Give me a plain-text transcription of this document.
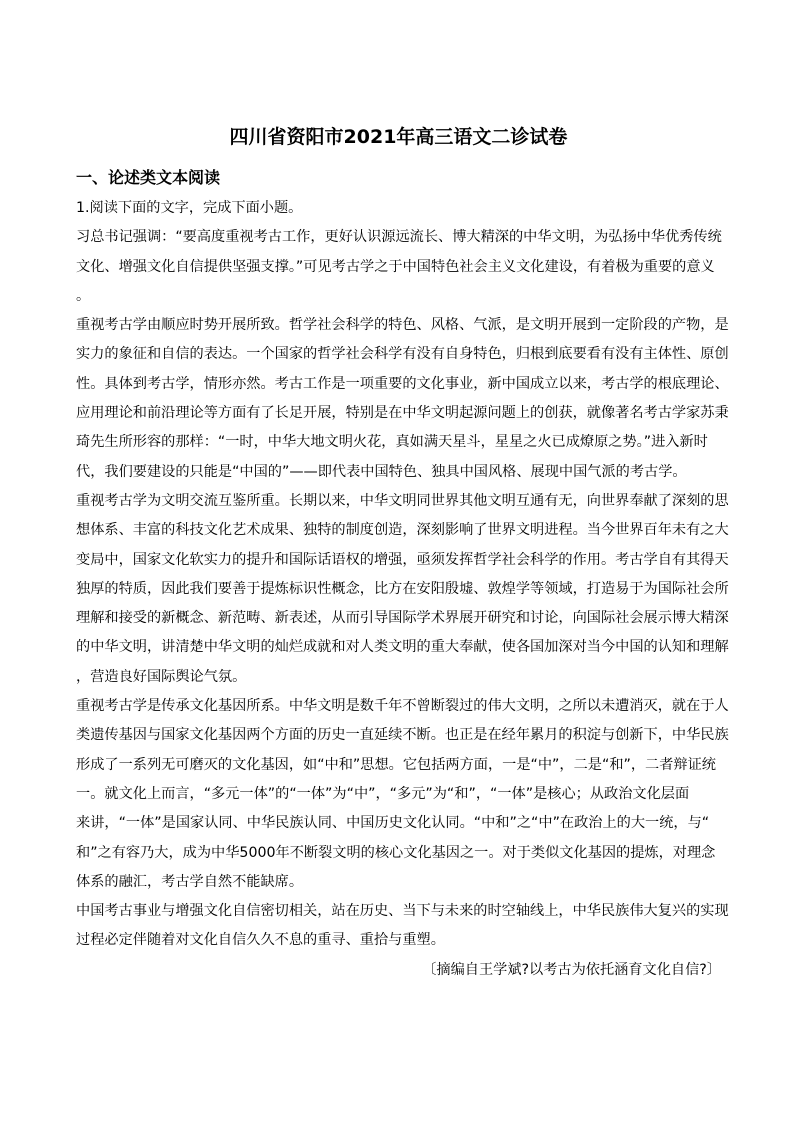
四川省资阳市2021年高三语文二诊试卷
一、论述类文本阅读
1.阅读下面的文字，完成下面小题。
习总书记强调：“要高度重视考古工作，更好认识源远流长、博大精深的中华文明，为弘扬中华优秀传统
文化、增强文化自信提供坚强支撑。”可见考古学之于中国特色社会主义文化建设，有着极为重要的意义
。
重视考古学由顺应时势开展所致。哲学社会科学的特色、风格、气派，是文明开展到一定阶段的产物，是
实力的象征和自信的表达。一个国家的哲学社会科学有没有自身特色，归根到底要看有没有主体性、原创
性。具体到考古学，情形亦然。考古工作是一项重要的文化事业，新中国成立以来，考古学的根底理论、
应用理论和前沿理论等方面有了长足开展，特别是在中华文明起源问题上的创获，就像著名考古学家苏秉
琦先生所形容的那样：“一时，中华大地文明火花，真如满天星斗，星星之火已成燎原之势。”进入新时
代，我们要建设的只能是“中国的”——即代表中国特色、独具中国风格、展现中国气派的考古学。
重视考古学为文明交流互鉴所重。长期以来，中华文明同世界其他文明互通有无，向世界奉献了深刻的思
想体系、丰富的科技文化艺术成果、独特的制度创造，深刻影响了世界文明进程。当今世界百年未有之大
变局中，国家文化软实力的提升和国际话语权的增强，亟须发挥哲学社会科学的作用。考古学自有其得天
独厚的特质，因此我们要善于提炼标识性概念，比方在安阳殷墟、敦煌学等领域，打造易于为国际社会所
理解和接受的新概念、新范畴、新表述，从而引导国际学术界展开研究和讨论，向国际社会展示博大精深
的中华文明，讲清楚中华文明的灿烂成就和对人类文明的重大奉献，使各国加深对当今中国的认知和理解
，营造良好国际舆论气氛。
重视考古学是传承文化基因所系。中华文明是数千年不曾断裂过的伟大文明，之所以未遭消灭，就在于人
类遗传基因与国家文化基因两个方面的历史一直延续不断。也正是在经年累月的积淀与创新下，中华民族
形成了一系列无可磨灭的文化基因，如“中和”思想。它包括两方面，一是“中”，二是“和”，二者辩证统
一。就文化上而言，“多元一体”的“一体”为“中”，“多元”为“和”，“一体”是核心；从政治文化层面
来讲，“一体”是国家认同、中华民族认同、中国历史文化认同。“中和”之“中”在政治上的大一统，与“
和”之有容乃大，成为中华5000年不断裂文明的核心文化基因之一。对于类似文化基因的提炼，对理念
体系的融汇，考古学自然不能缺席。
中国考古事业与增强文化自信密切相关，站在历史、当下与未来的时空轴线上，中华民族伟大复兴的实现
过程必定伴随着对文化自信久久不息的重寻、重拾与重塑。
〔摘编自王学斌?以考古为依托涵育文化自信?〕
